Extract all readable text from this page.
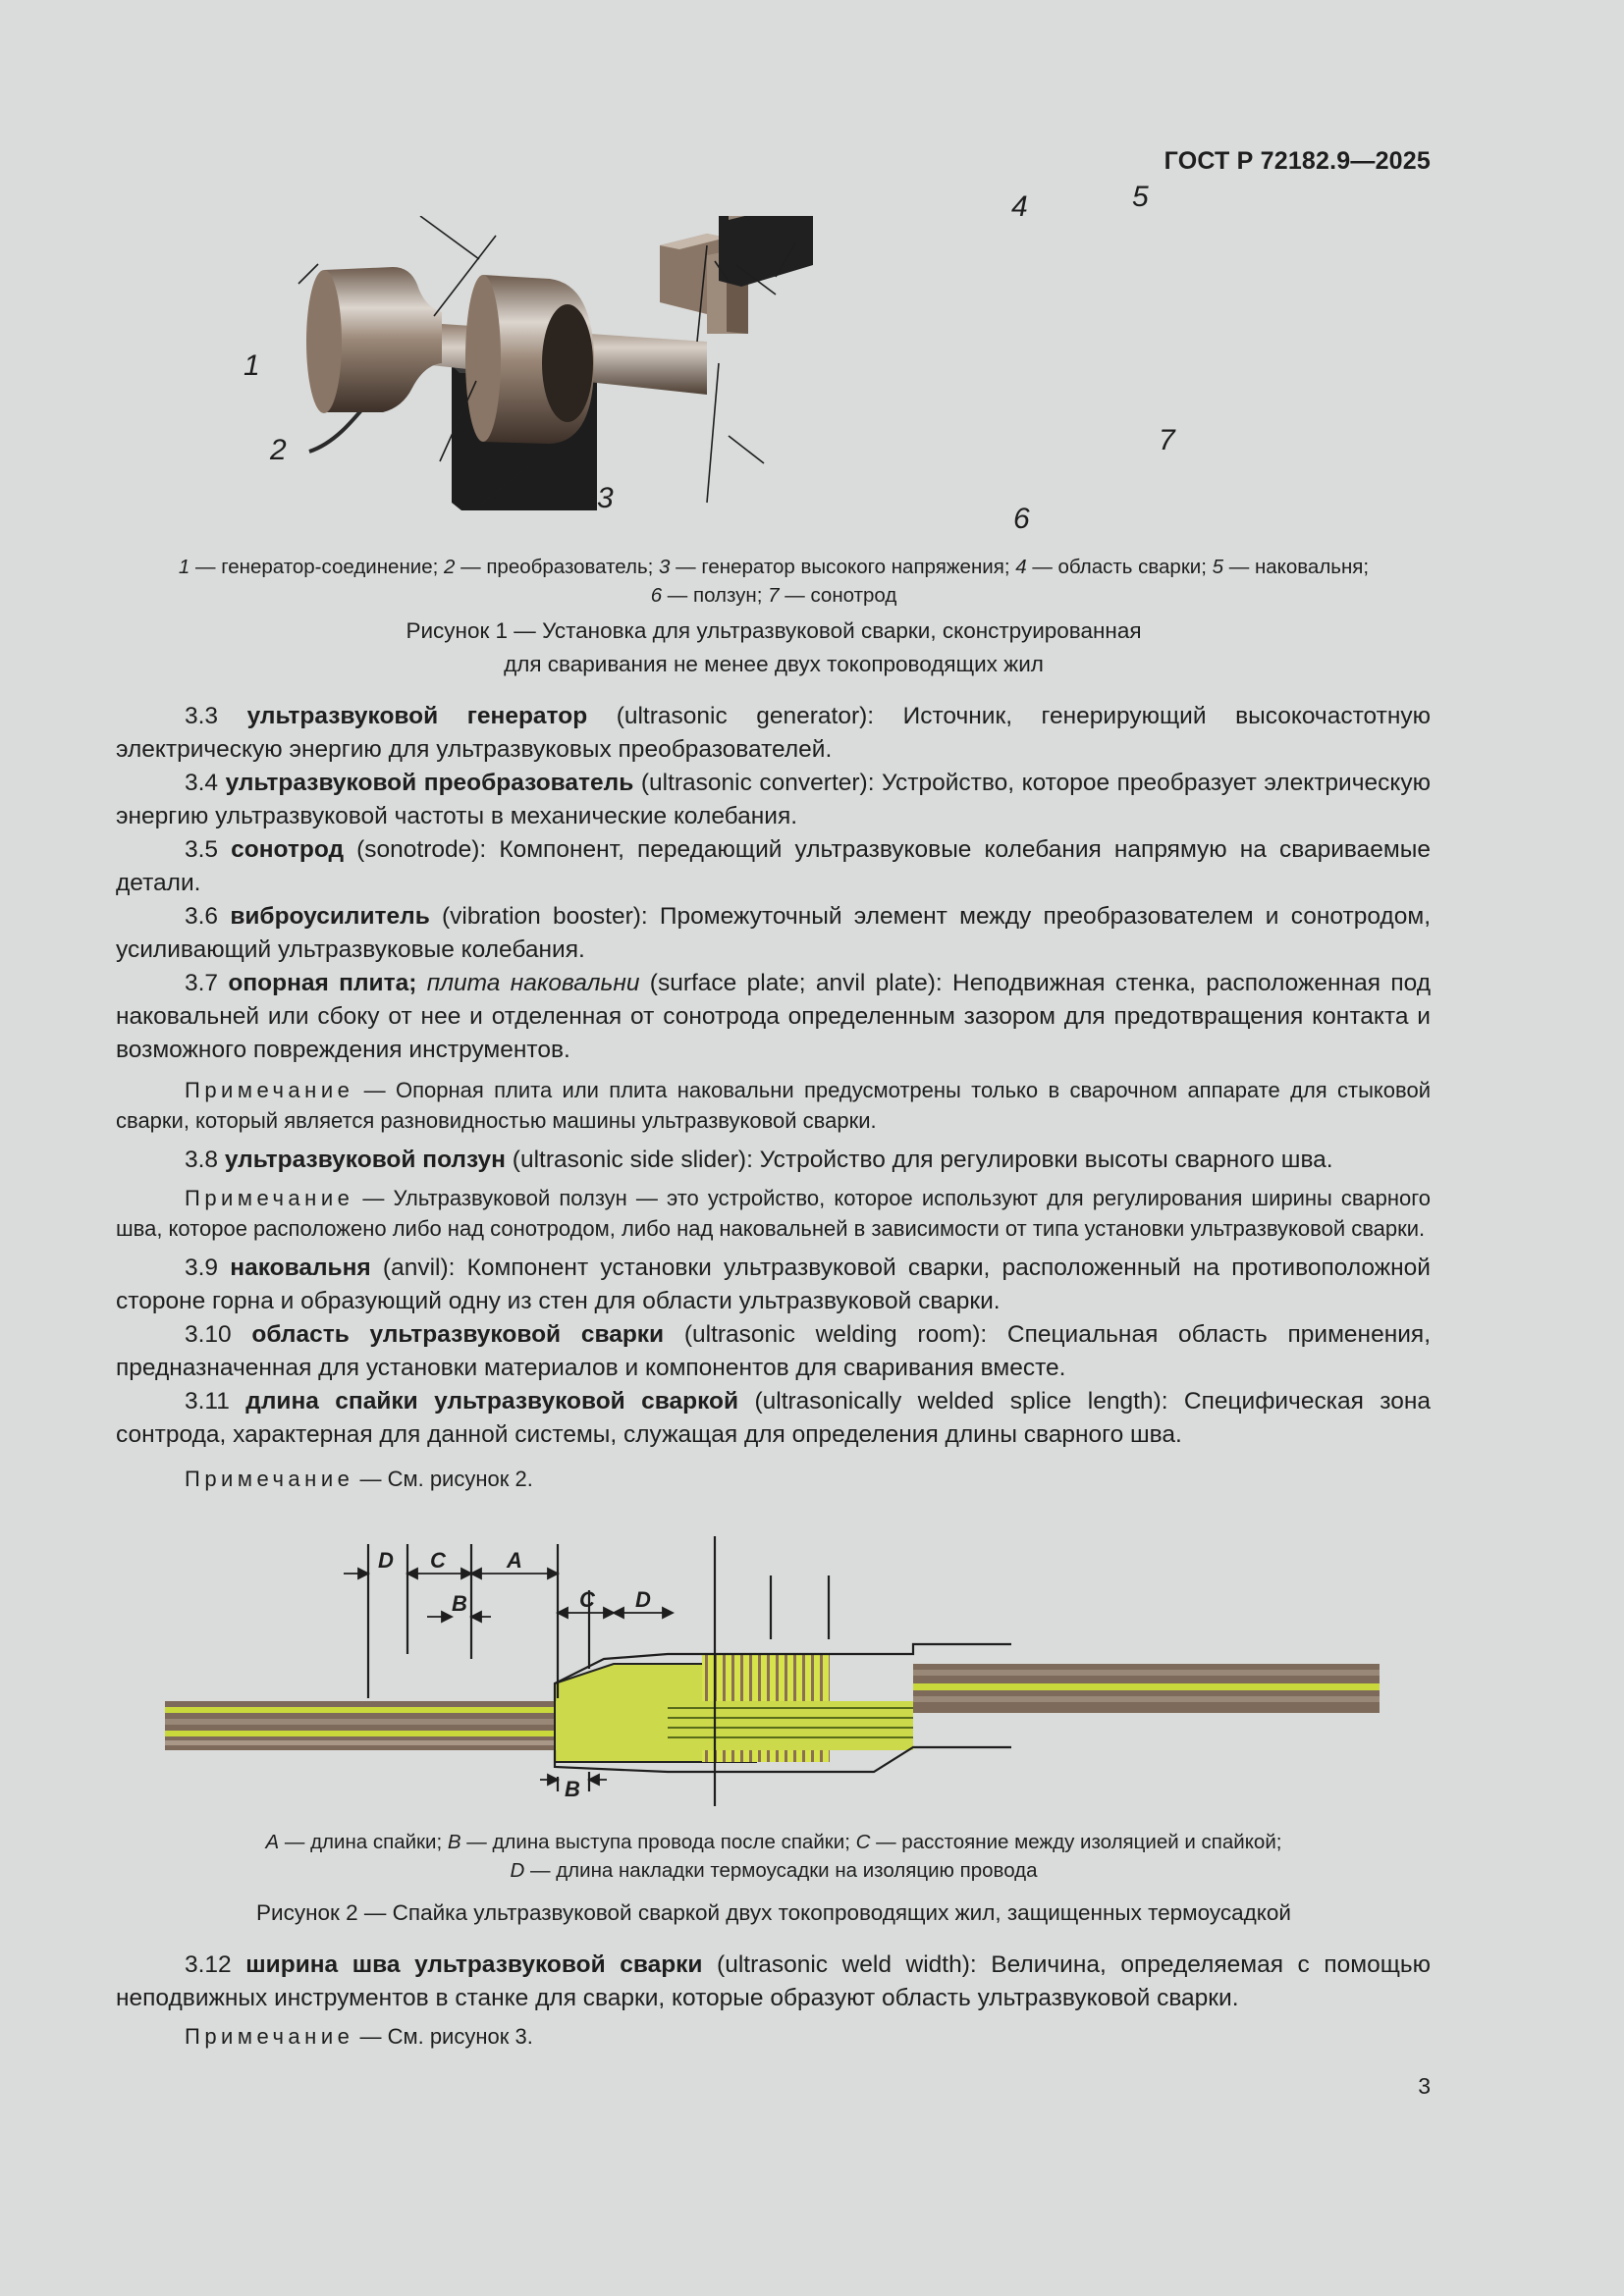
ГОСТ Р 72182.9—2025
1
2
3
4	5
6
7
1 — генератор-соединение; 2 — преобразователь; 3 — генератор высокого напряжения; 4 — область сварки; 5 — наковальня;
6 — ползун; 7 — сонотрод
Рисунок 1 — Установка для ультразвуковой сварки, сконструированная
для сваривания не менее двух токопроводящих жил

3.3 ультразвуковой генератор (ultrasonic generator): Источник, генерирующий высокочастотную электрическую энергию для ультразвуковых преобразователей.

3.4 ультразвуковой преобразователь (ultrasonic converter): Устройство, которое преобразует электрическую энергию ультразвуковой частоты в механические колебания.

3.5 сонотрод (sonotrode): Компонент, передающий ультразвуковые колебания напрямую на свариваемые детали.

3.6 виброусилитель (vibration booster): Промежуточный элемент между преобразователем и сонотродом, усиливающий ультразвуковые колебания.

3.7 опорная плита; плита наковальни (surface plate; anvil plate): Неподвижная стенка, расположенная под наковальней или сбоку от нее и отделенная от сонотрода определенным зазором для предотвращения контакта и возможного повреждения инструментов.

Примечание — Опорная плита или плита наковальни предусмотрены только в сварочном аппарате для стыковой сварки, который является разновидностью машины ультразвуковой сварки.

3.8 ультразвуковой ползун (ultrasonic side slider): Устройство для регулировки высоты сварного шва.

Примечание — Ультразвуковой ползун — это устройство, которое используют для регулирования ширины сварного шва, которое расположено либо над сонотродом, либо над наковальней в зависимости от типа установки ультразвуковой сварки.

3.9 наковальня (anvil): Компонент установки ультразвуковой сварки, расположенный на противоположной стороне горна и образующий одну из стен для области ультразвуковой сварки.

3.10 область ультразвуковой сварки (ultrasonic welding room): Специальная область применения, предназначенная для установки материалов и компонентов для сваривания вместе.

3.11 длина спайки ультразвуковой сваркой (ultrasonically welded splice length): Специфическая зона сонтрода, характерная для данной системы, служащая для определения длины сварного шва.

Примечание — См. рисунок 2.

D C	A
B	C D
B
A — длина спайки; B — длина выступа провода после спайки; C — расстояние между изоляцией и спайкой;
D — длина накладки термоусадки на изоляцию провода
Рисунок 2 — Спайка ультразвуковой сваркой двух токопроводящих жил, защищенных термоусадкой

3.12 ширина шва ультразвуковой сварки (ultrasonic weld width): Величина, определяемая с помощью неподвижных инструментов в станке для сварки, которые образуют область ультразвуковой сварки.

Примечание — См. рисунок 3.

3
